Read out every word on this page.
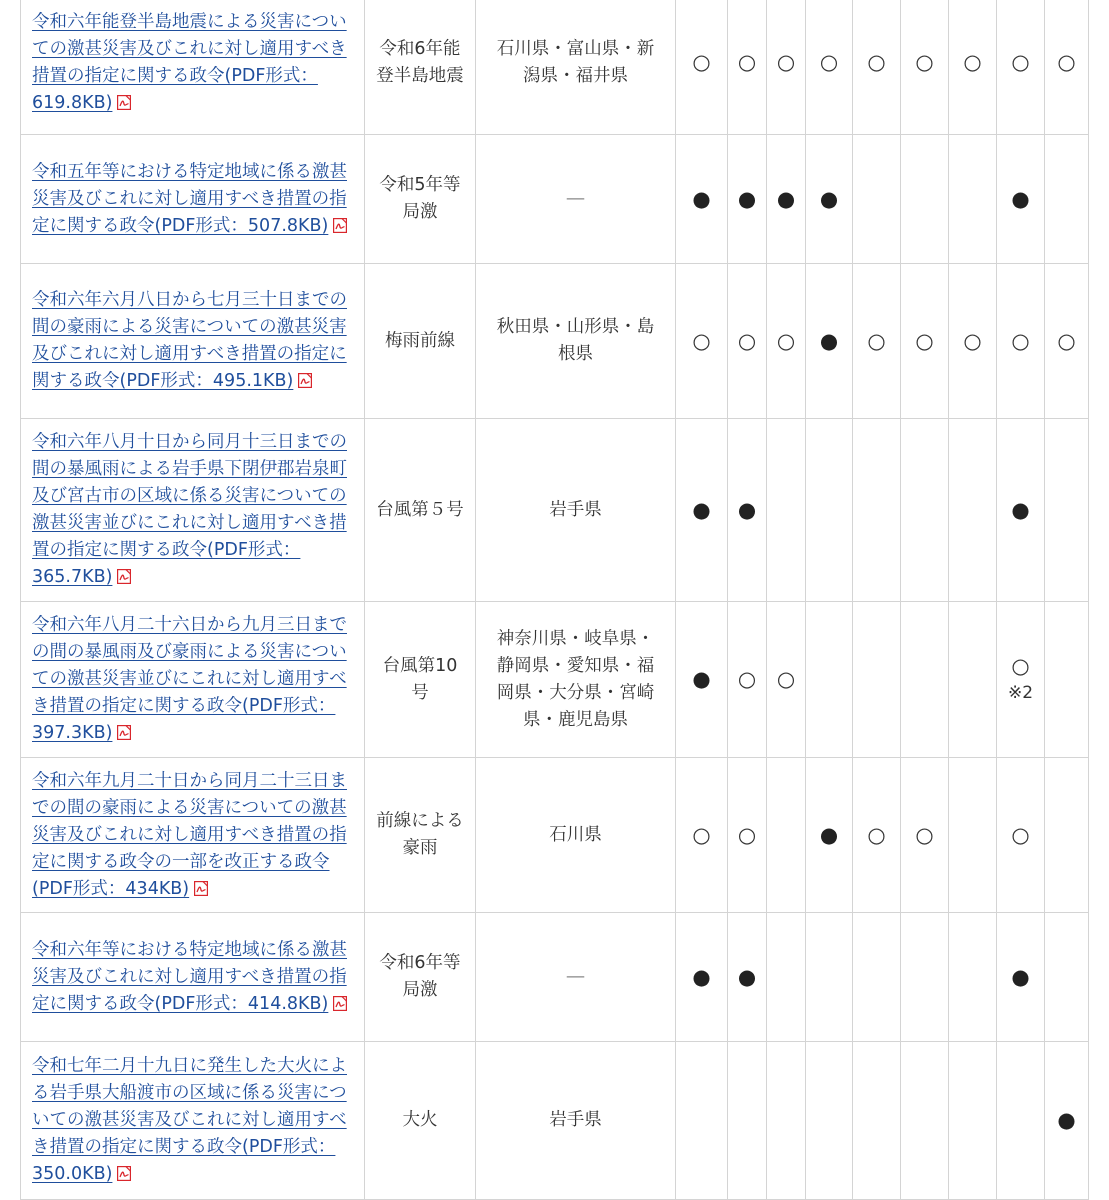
令和六年能登半島地震による災害についての激甚災害及びこれに対し適用すべき措置の指定に関する政令(PDF形式：619.8KB)	令和6年能登半島地震	石川県・富山県・新潟県・福井県	○	○	○	○	○	○	○	○	○

令和五年等における特定地域に係る激甚災害及びこれに対し適用すべき措置の指定に関する政令(PDF形式：507.8KB)	令和5年等局激	―	●	●	●	●				●	

令和六年六月八日から七月三十日までの間の豪雨による災害についての激甚災害及びこれに対し適用すべき措置の指定に関する政令(PDF形式：495.1KB)	梅雨前線	秋田県・山形県・島根県	○	○	○	●	○	○	○	○	○

令和六年八月十日から同月十三日までの間の暴風雨による岩手県下閉伊郡岩泉町及び宮古市の区域に係る災害についての激甚災害並びにこれに対し適用すべき措置の指定に関する政令(PDF形式：365.7KB)	台風第５号	岩手県	●	●						●	

令和六年八月二十六日から九月三日までの間の暴風雨及び豪雨による災害についての激甚災害並びにこれに対し適用すべき措置の指定に関する政令(PDF形式：397.3KB)	台風第10号	神奈川県・岐阜県・静岡県・愛知県・福岡県・大分県・宮崎県・鹿児島県	●	○	○					○
※2	

令和六年九月二十日から同月二十三日までの間の豪雨による災害についての激甚災害及びこれに対し適用すべき措置の指定に関する政令の一部を改正する政令(PDF形式：434KB)	前線による豪雨	石川県	○	○		●	○	○		○	

令和六年等における特定地域に係る激甚災害及びこれに対し適用すべき措置の指定に関する政令(PDF形式：414.8KB)	令和6年等局激	―	●	●						●	

令和七年二月十九日に発生した大火による岩手県大船渡市の区域に係る災害についての激甚災害及びこれに対し適用すべき措置の指定に関する政令(PDF形式：350.0KB)	大火	岩手県									●
